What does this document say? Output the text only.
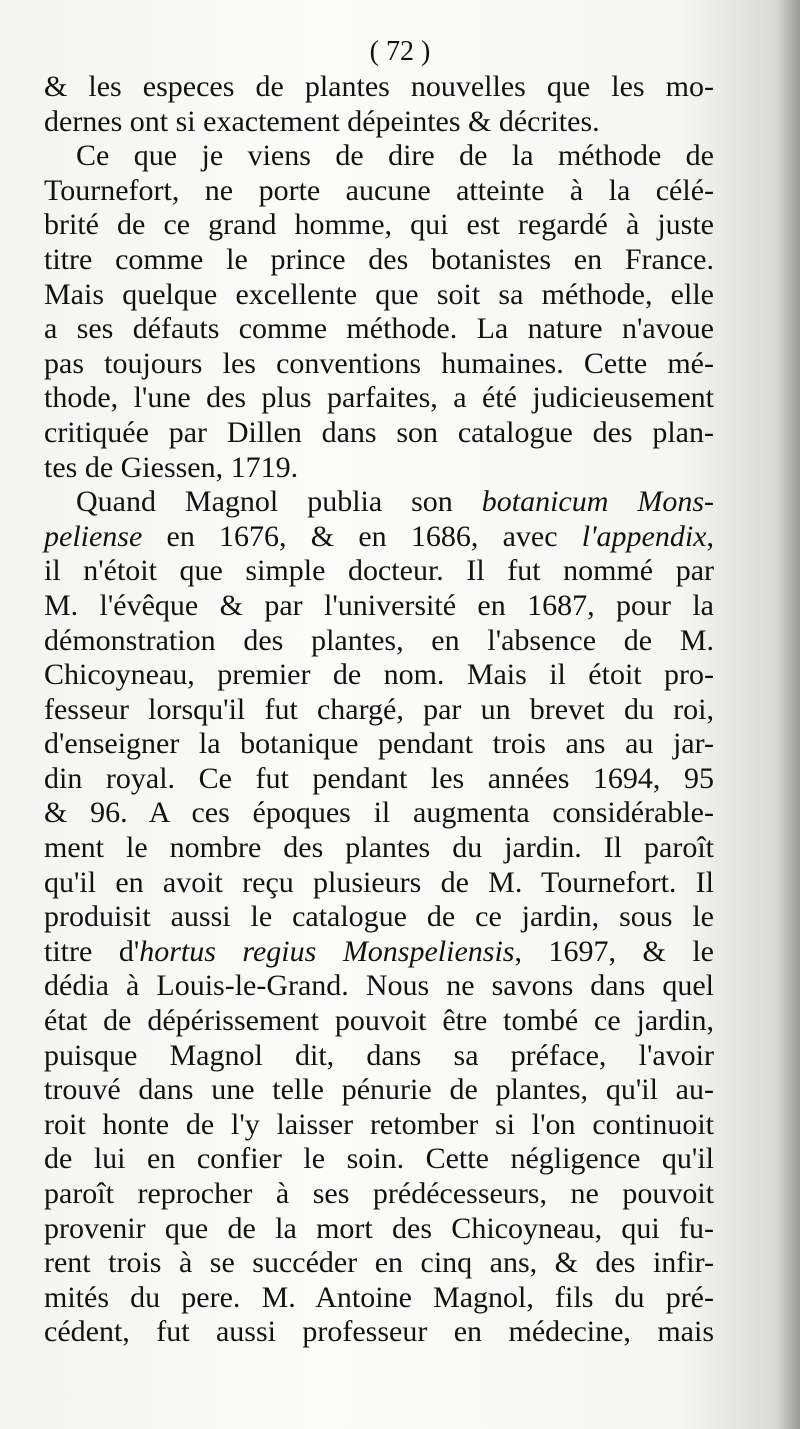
( 72 )
& les especes de plantes nouvelles que les mo-
dernes ont si exactement dépeintes & décrites.
Ce que je viens de dire de la méthode de
Tournefort, ne porte aucune atteinte à la célé-
brité de ce grand homme, qui est regardé à juste
titre comme le prince des botanistes en France.
Mais quelque excellente que soit sa méthode, elle
a ses défauts comme méthode. La nature n'avoue
pas toujours les conventions humaines. Cette mé-
thode, l'une des plus parfaites, a été judicieusement
critiquée par Dillen dans son catalogue des plan-
tes de Giessen, 1719.
Quand Magnol publia son botanicum Mons-
peliense en 1676, & en 1686, avec l'appendix,
il n'étoit que simple docteur. Il fut nommé par
M. l'évêque & par l'université en 1687, pour la
démonstration des plantes, en l'absence de M.
Chicoyneau, premier de nom. Mais il étoit pro-
fesseur lorsqu'il fut chargé, par un brevet du roi,
d'enseigner la botanique pendant trois ans au jar-
din royal. Ce fut pendant les années 1694, 95
& 96. A ces époques il augmenta considérable-
ment le nombre des plantes du jardin. Il paroît
qu'il en avoit reçu plusieurs de M. Tournefort. Il
produisit aussi le catalogue de ce jardin, sous le
titre d'hortus regius Monspeliensis, 1697, & le
dédia à Louis-le-Grand. Nous ne savons dans quel
état de dépérissement pouvoit être tombé ce jardin,
puisque Magnol dit, dans sa préface, l'avoir
trouvé dans une telle pénurie de plantes, qu'il au-
roit honte de l'y laisser retomber si l'on continuoit
de lui en confier le soin. Cette négligence qu'il
paroît reprocher à ses prédécesseurs, ne pouvoit
provenir que de la mort des Chicoyneau, qui fu-
rent trois à se succéder en cinq ans, & des infir-
mités du pere. M. Antoine Magnol, fils du pré-
cédent, fut aussi professeur en médecine, mais
